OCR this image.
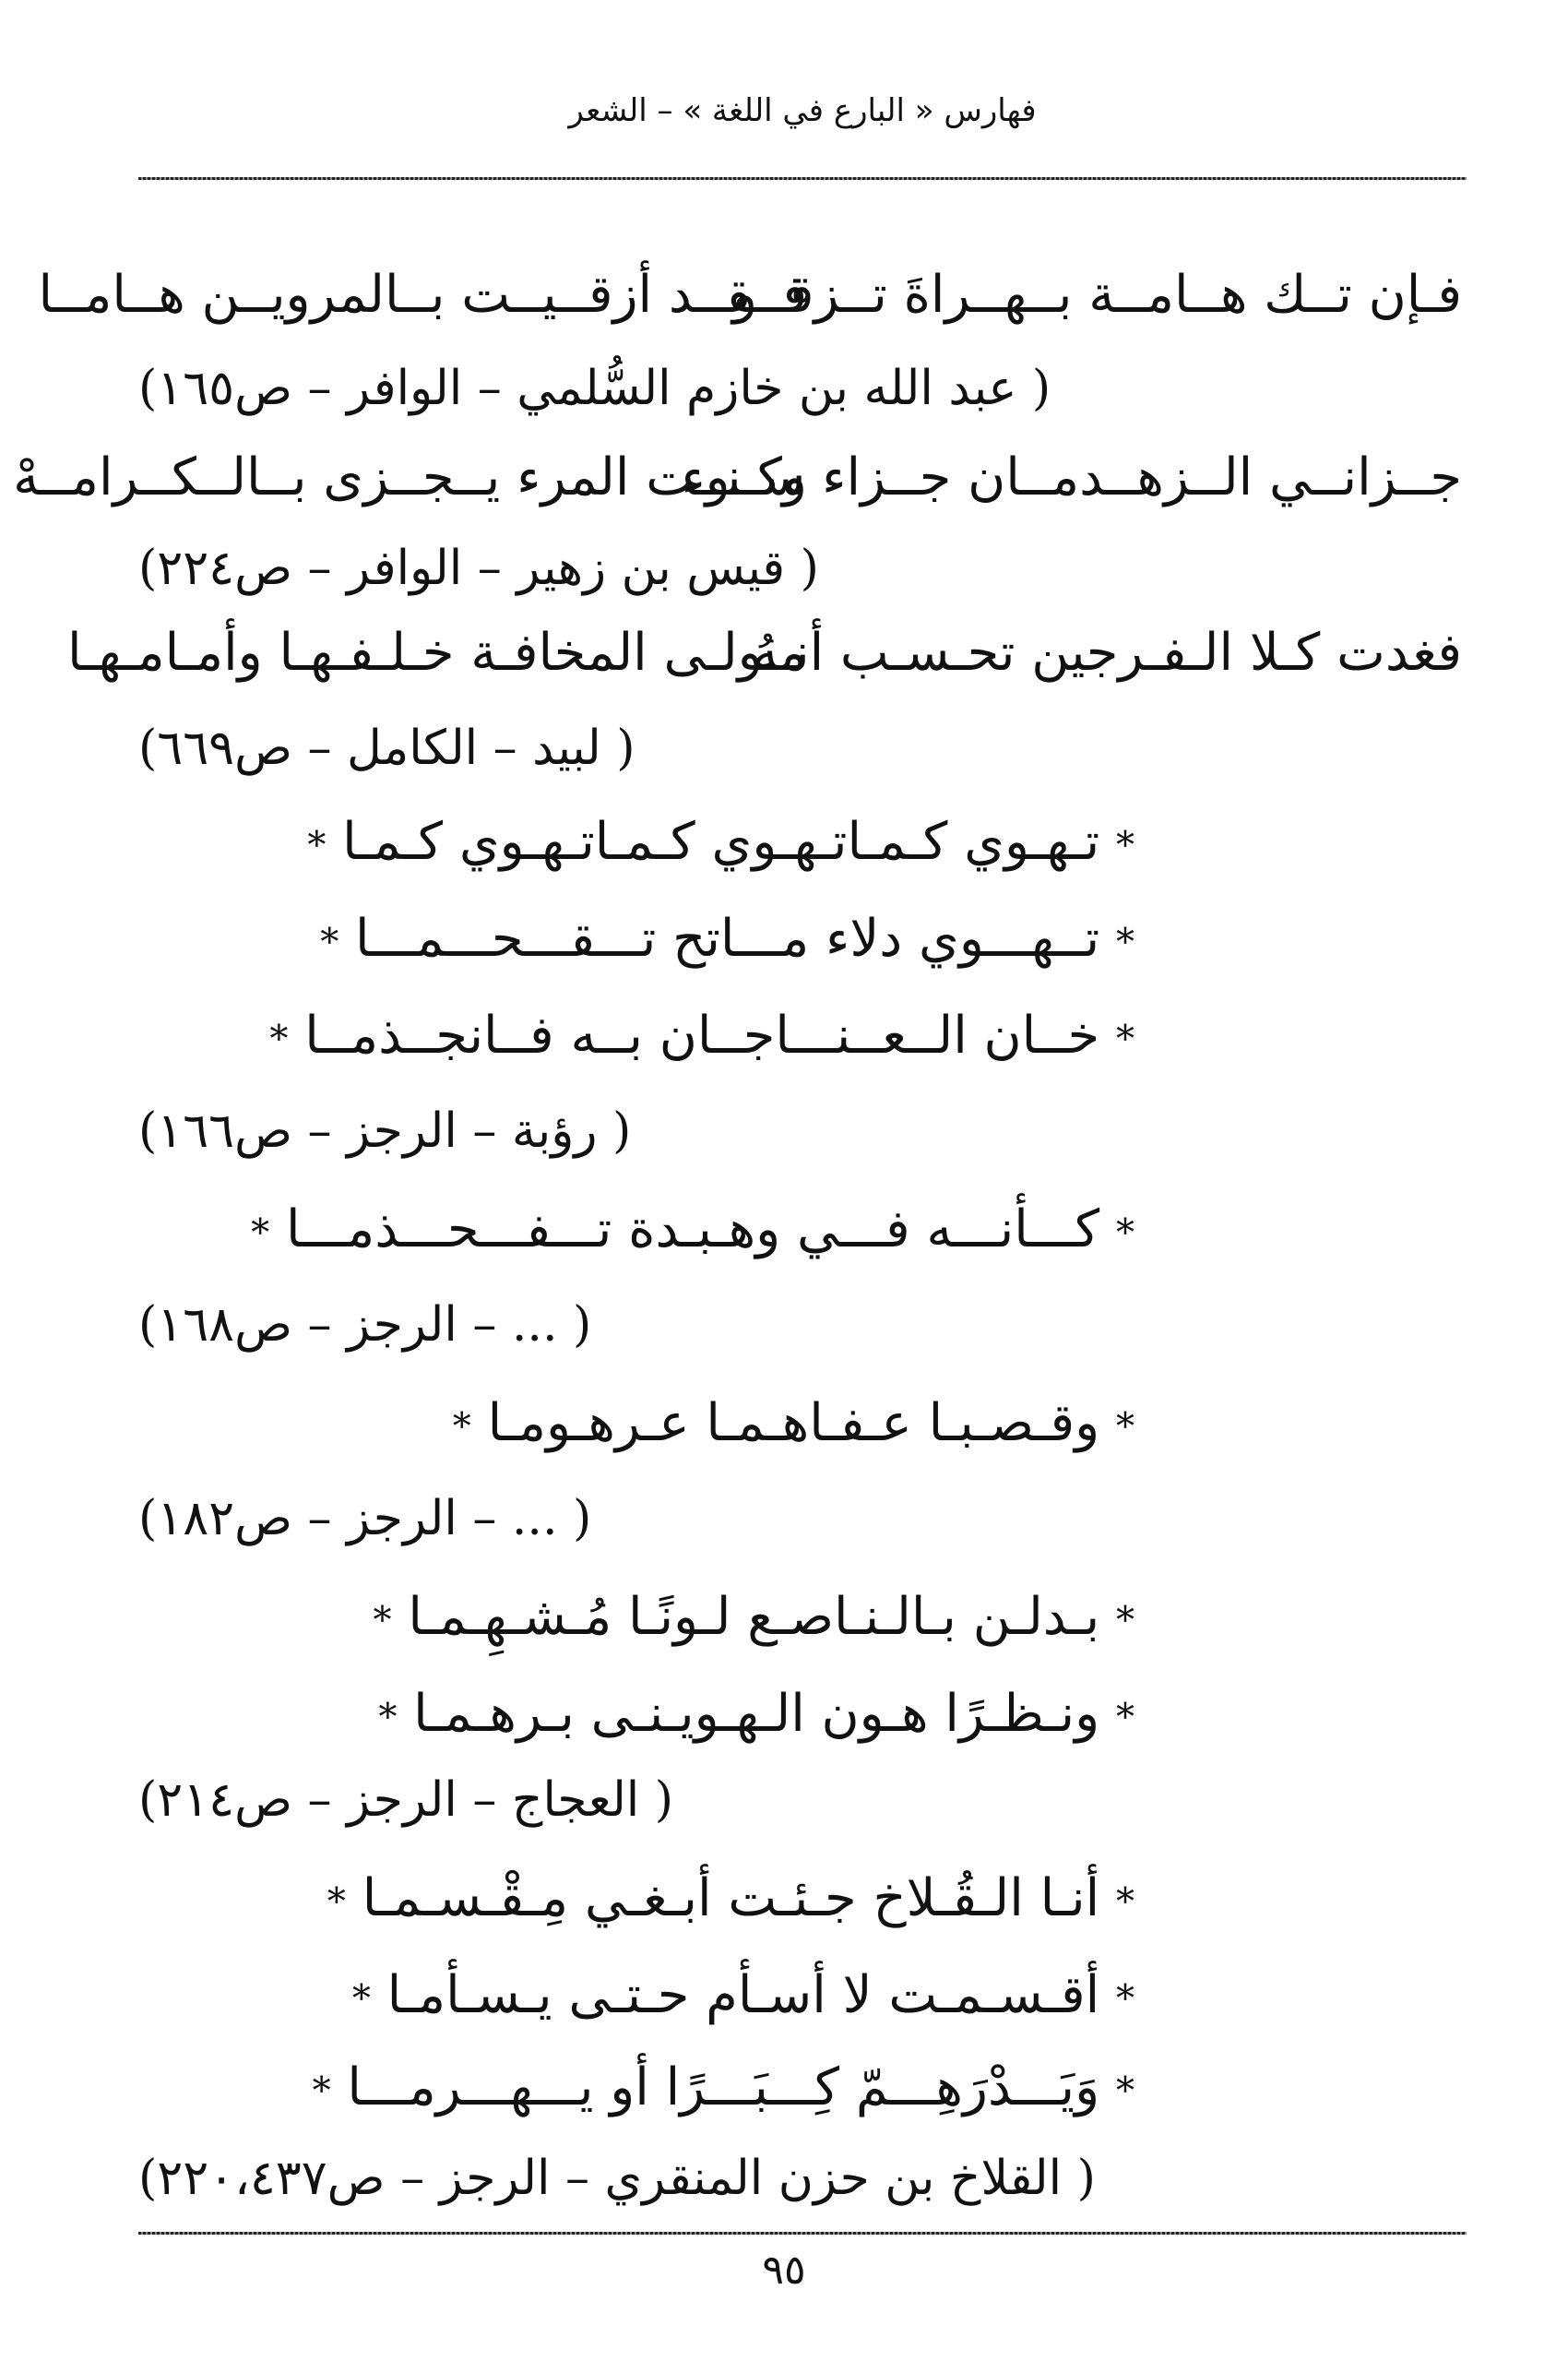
فهارس « البارع في اللغة » – الشعر
فـإن تــك هــامــة بــهــراةَ تــزقــو
فــقــد أزقــيــت بــالمرويــن هــامــا
( عبد الله بن خازم السُّلمي – الوافر – ص١٦٥)
جــزانــي الــزهــدمــان جــزاء ســوء
وكـنــت المرء يــجــزى بــالــكــرامــهْ
( قيس بن زهير – الوافر – ص٢٢٤)
فغدت كـلا الـفـرجين تحـسـب أنـهُ
مـولـى المخافـة خـلـفـهـا وأمـامـهـا
( لبيد – الكامل – ص٦٦٩)
* تـهـوي كـمـاتـهـوي كـمـاتـهـوي كـمـا *
* تــهـــوي دلاء مـــاتح تـــقـــحـــمـــا *
* خــان الــعــنـــاجــان بــه فــانجــذمــا *
( رؤبة – الرجز – ص١٦٦)
* كـــأنـــه فـــي وهـبـدة تـــفـــحـــذمـــا *
( ... – الرجز – ص١٦٨)
* وقـصـبـا عـفـاهـمـا عـرهـومـا *
( ... – الرجز – ص١٨٢)
* بـدلـن بـالـنـاصـع لـونًـا مُـشـهِـمـا *
* ونـظـرًا هـون الـهـويـنـى بـرهـمـا *
( العجاج – الرجز – ص٢١٤)
* أنـا الـقُـلاخ جـئـت أبـغـي مِـقْـسـمـا *
* أقـسـمـت لا أسـأم حـتـى يـسـأمـا *
* وَيَـــدْرَهِـــمّ كِـــبَـــرًا أو يـــهـــرمـــا *
( القلاخ بن حزن المنقري – الرجز – ص٢٢٠،٤٣٧)
٩٥
